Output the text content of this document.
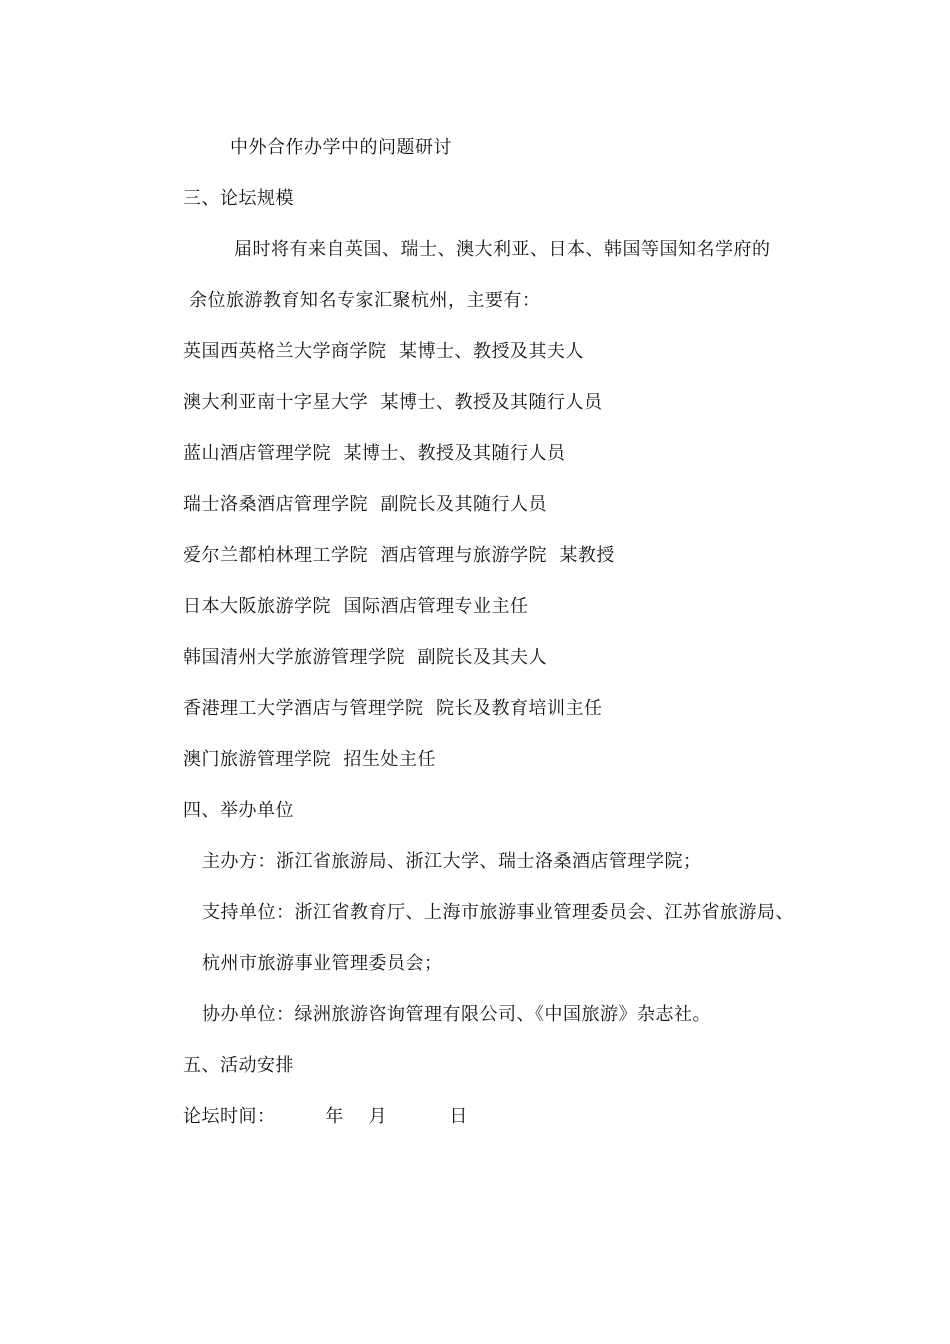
中外合作办学中的问题研讨
三、论坛规模
届时将有来自英国、瑞士、澳大利亚、日本、韩国等国知名学府的
余位旅游教育知名专家汇聚杭州，主要有：
英国西英格兰大学商学院  某博士、教授及其夫人
澳大利亚南十字星大学  某博士、教授及其随行人员
蓝山酒店管理学院  某博士、教授及其随行人员
瑞士洛桑酒店管理学院  副院长及其随行人员
爱尔兰都柏林理工学院  酒店管理与旅游学院  某教授
日本大阪旅游学院  国际酒店管理专业主任
韩国清州大学旅游管理学院  副院长及其夫人
香港理工大学酒店与管理学院  院长及教育培训主任
澳门旅游管理学院  招生处主任
四、举办单位
主办方：浙江省旅游局、浙江大学、瑞士洛桑酒店管理学院；
支持单位：浙江省教育厅、上海市旅游事业管理委员会、江苏省旅游局、
杭州市旅游事业管理委员会；
协办单位：绿洲旅游咨询管理有限公司、《中国旅游》杂志社。
五、活动安排
论坛时间：        年    月          日
